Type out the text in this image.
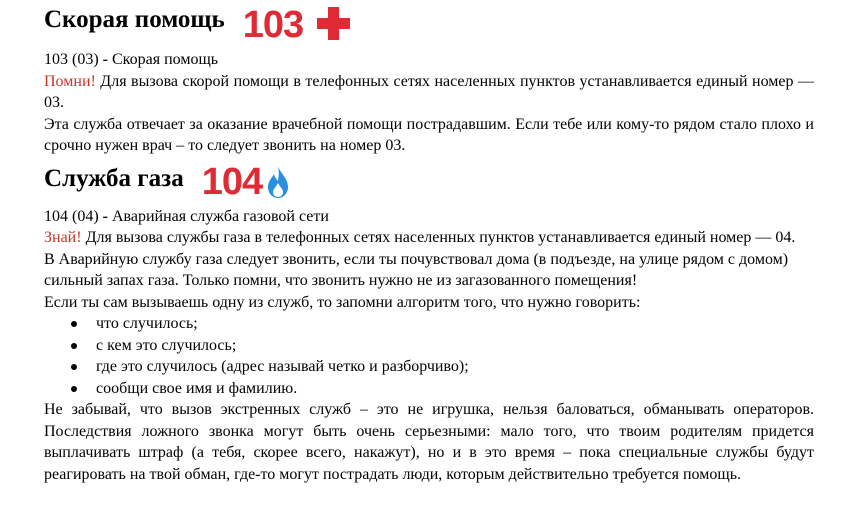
Скорая помощь 103

103 (03) - Скорая помощь

Помни! Для вызова скорой помощи в телефонных сетях населенных пунктов устанавливается единый номер — 03.

Эта служба отвечает за оказание врачебной помощи пострадавшим. Если тебе или кому-то рядом стало плохо и срочно нужен врач – то следует звонить на номер 03.

Служба газа 104

104 (04) - Аварийная служба газовой сети

Знай! Для вызова службы газа в телефонных сетях населенных пунктов устанавливается единый номер — 04.

В Аварийную службу газа следует звонить, если ты почувствовал дома (в подъезде, на улице рядом с домом) сильный запах газа. Только помни, что звонить нужно не из загазованного помещения!

Если ты сам вызываешь одну из служб, то запомни алгоритм того, что нужно говорить:

что случилось;
с кем это случилось;
где это случилось (адрес называй четко и разборчиво);
сообщи свое имя и фамилию.

Не забывай, что вызов экстренных служб – это не игрушка, нельзя баловаться, обманывать операторов. Последствия ложного звонка могут быть очень серьезными: мало того, что твоим родителям придется выплачивать штраф (а тебя, скорее всего, накажут), но и в это время – пока специальные службы будут реагировать на твой обман, где-то могут пострадать люди, которым действительно требуется помощь.
